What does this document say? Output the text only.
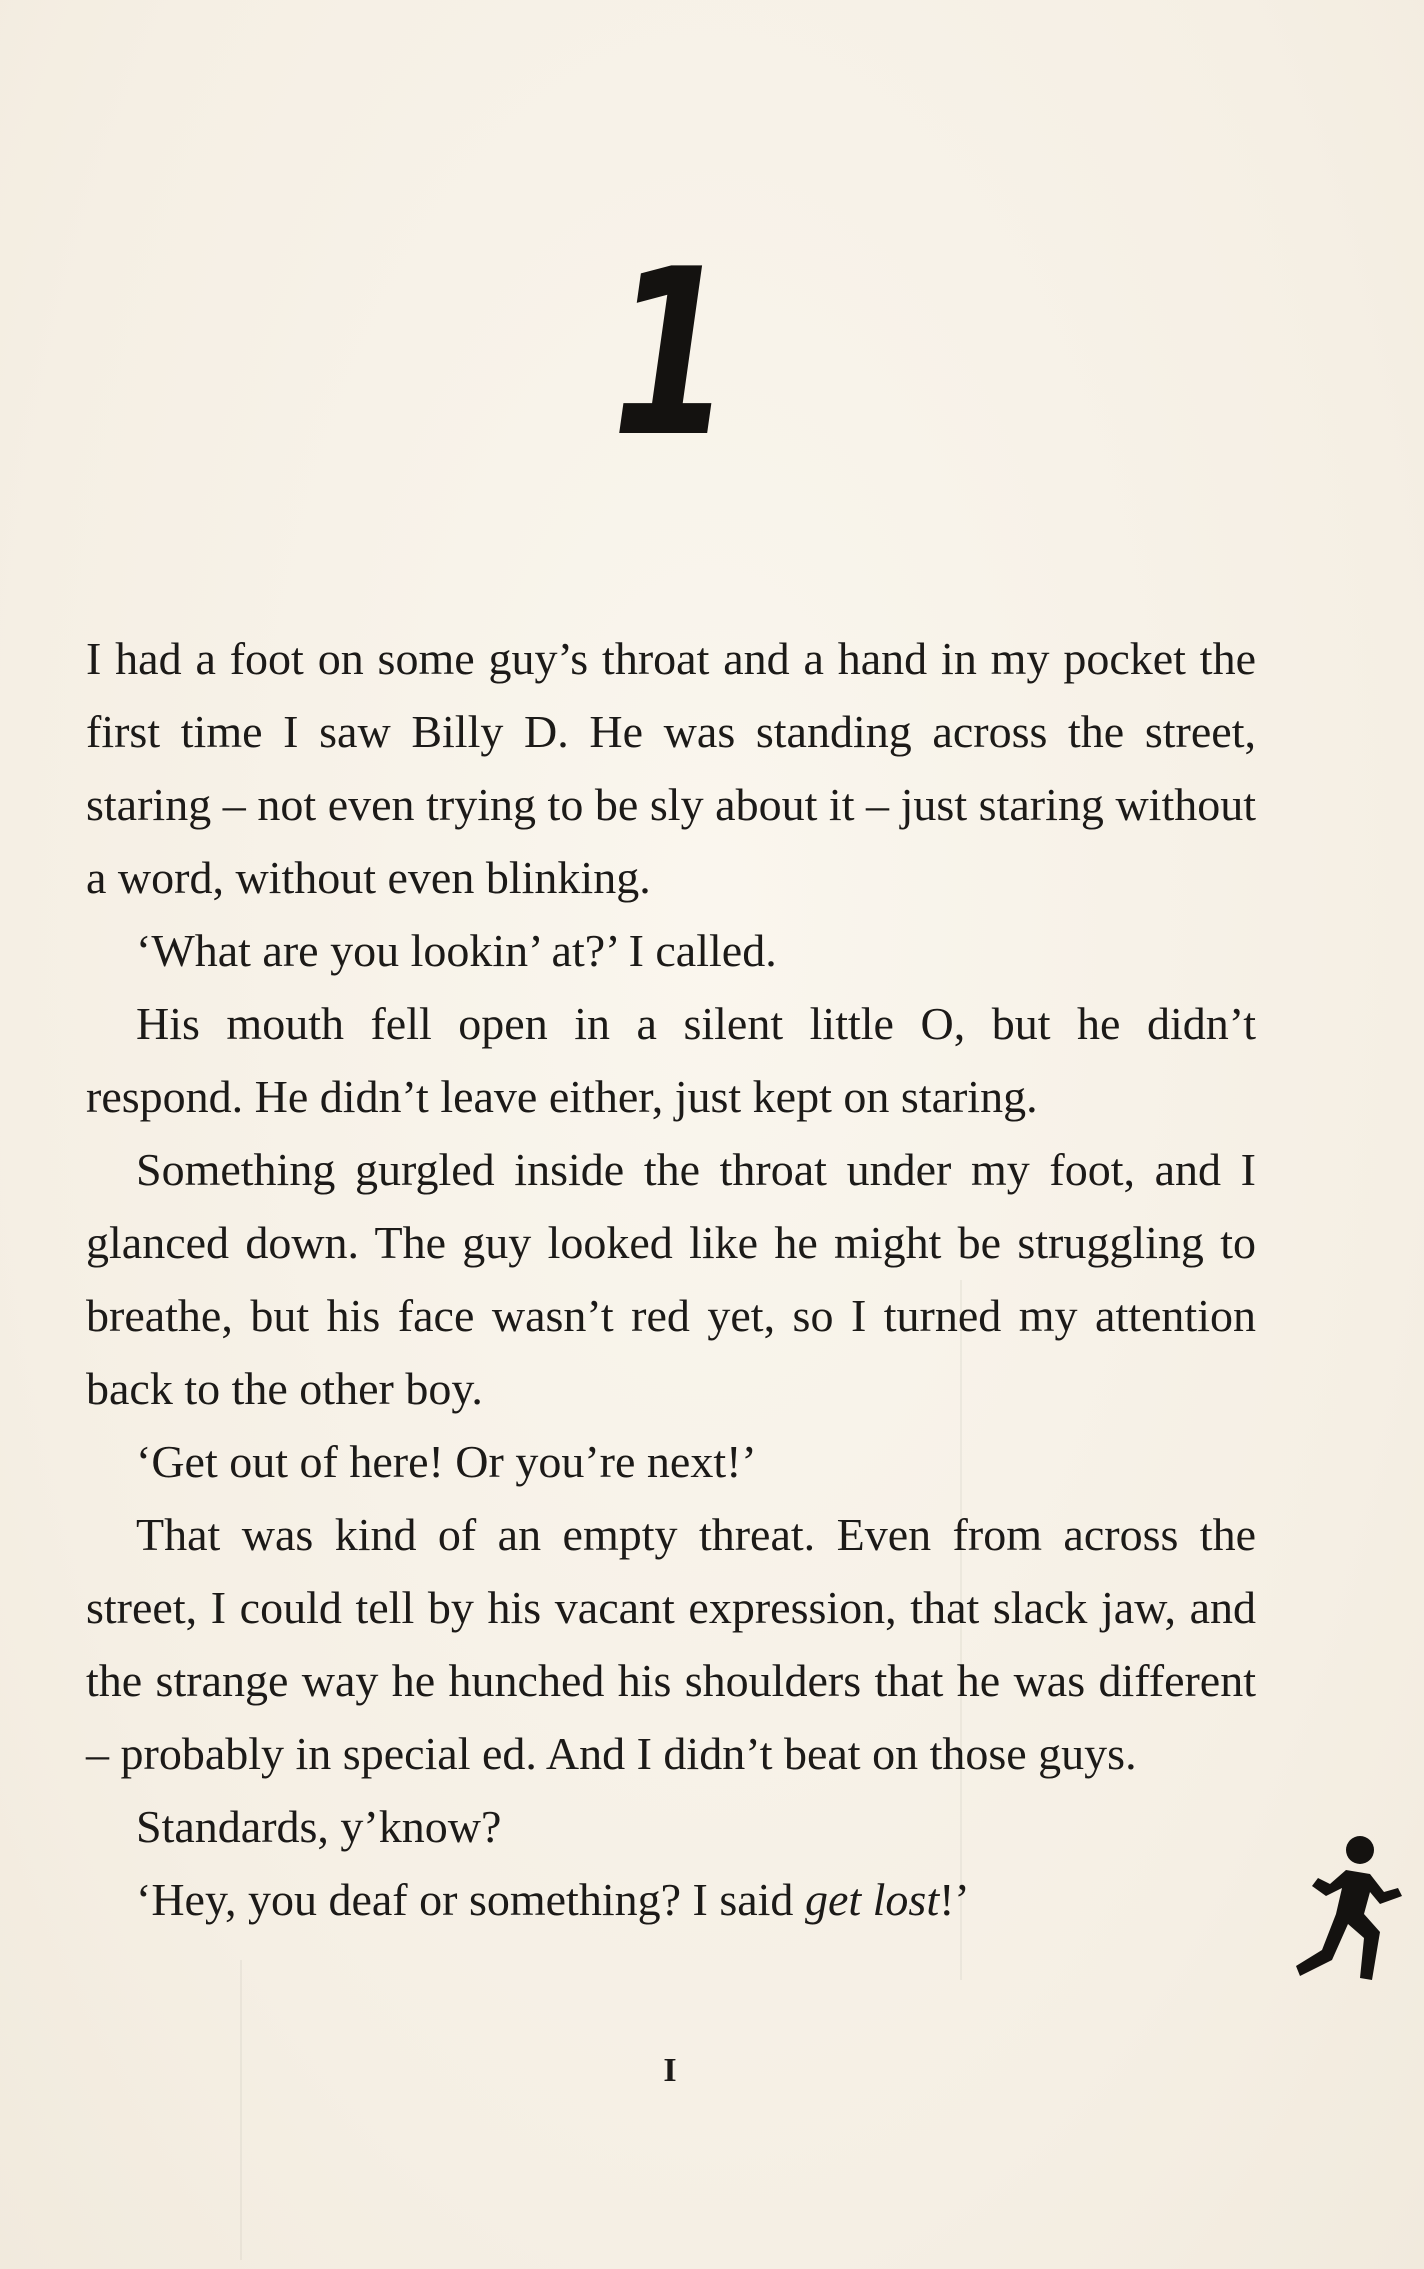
1

I had a foot on some guy’s throat and a hand in my pocket the first time I saw Billy D. He was standing across the street, staring – not even trying to be sly about it – just staring without a word, without even blinking.

‘What are you lookin’ at?’ I called.

His mouth fell open in a silent little O, but he didn’t respond. He didn’t leave either, just kept on staring.

Something gurgled inside the throat under my foot, and I glanced down. The guy looked like he might be struggling to breathe, but his face wasn’t red yet, so I turned my attention back to the other boy.

‘Get out of here! Or you’re next!’

That was kind of an empty threat. Even from across the street, I could tell by his vacant expression, that slack jaw, and the strange way he hunched his shoulders that he was different – probably in special ed. And I didn’t beat on those guys.

Standards, y’know?

‘Hey, you deaf or something? I said get lost!’

I
